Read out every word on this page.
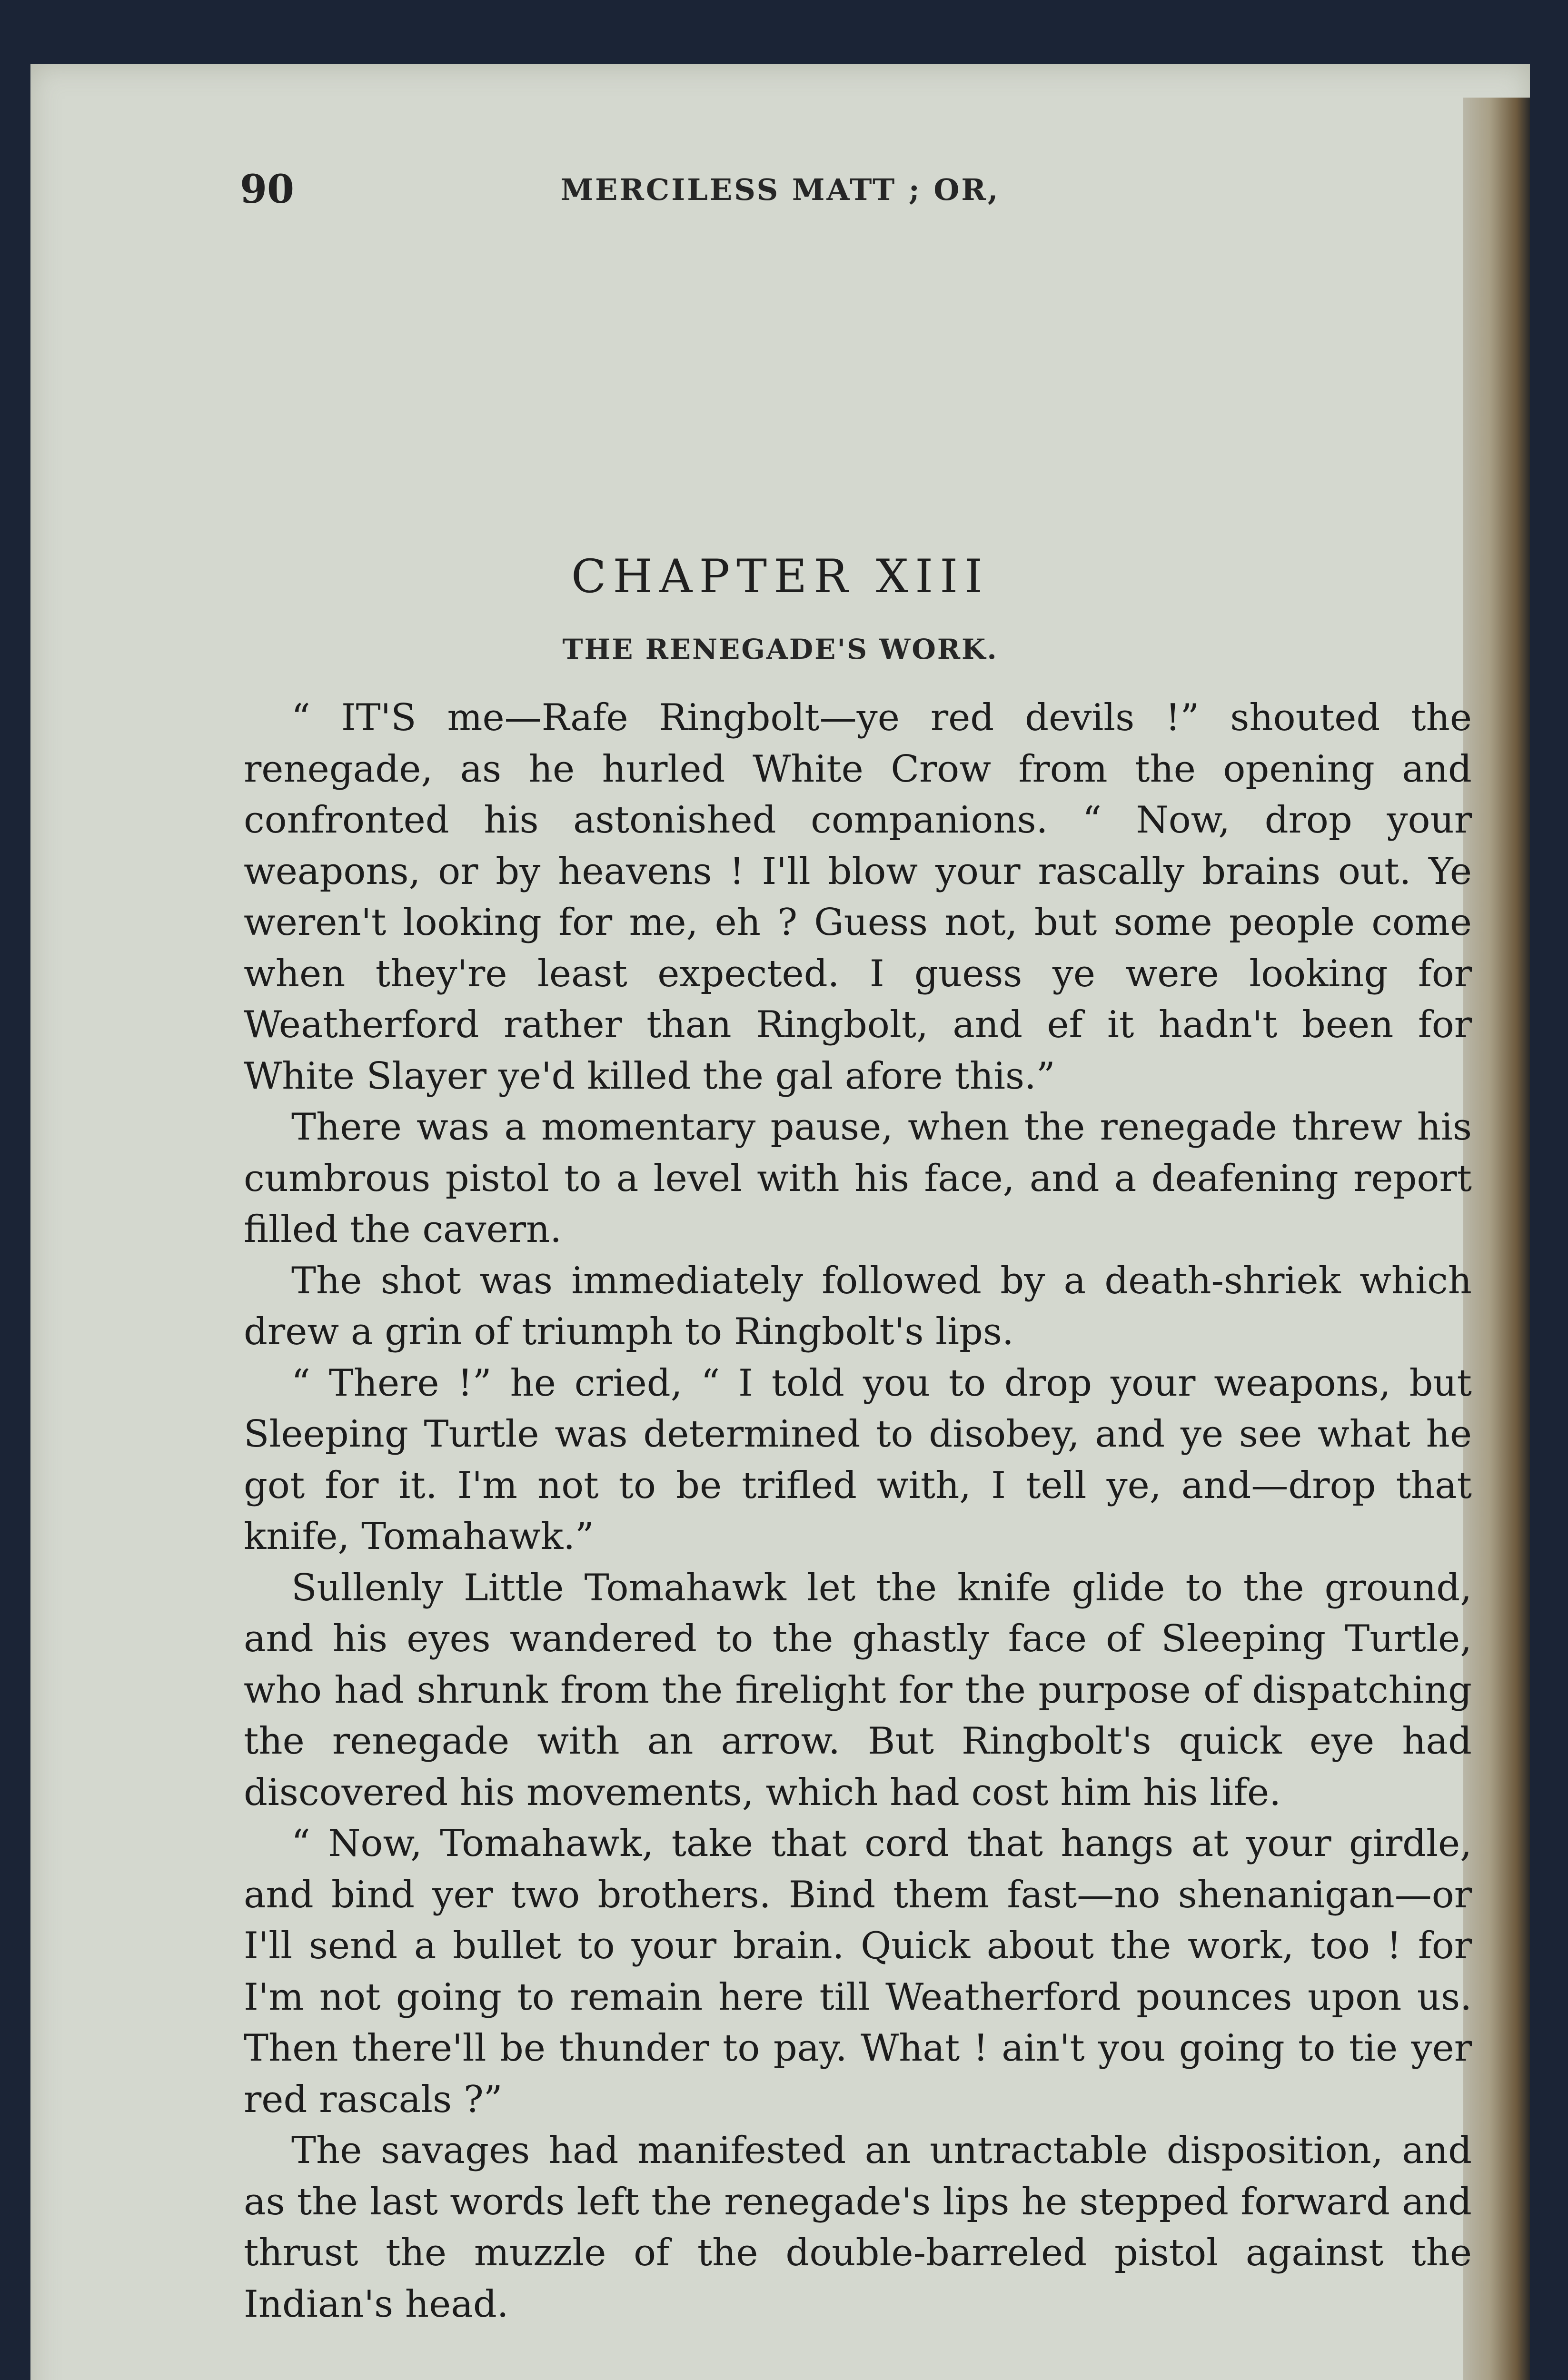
90	MERCILESS MATT ; OR,
CHAPTER XIII
THE RENEGADE'S WORK.

“ IT'S me—Rafe Ringbolt—ye red devils !” shouted the renegade, as he hurled White Crow from the opening and confronted his astonished companions. “ Now, drop your weapons, or by heavens ! I'll blow your rascally brains out. Ye weren't looking for me, eh ? Guess not, but some people come when they're least expected. I guess ye were looking for Weatherford rather than Ringbolt, and ef it hadn't been for White Slayer ye'd killed the gal afore this.”

There was a momentary pause, when the renegade threw his cumbrous pistol to a level with his face, and a deafening report filled the cavern.

The shot was immediately followed by a death-shriek which drew a grin of triumph to Ringbolt's lips.

“ There !” he cried, “ I told you to drop your weapons, but Sleeping Turtle was determined to disobey, and ye see what he got for it. I'm not to be trifled with, I tell ye, and—drop that knife, Tomahawk.”

Sullenly Little Tomahawk let the knife glide to the ground, and his eyes wandered to the ghastly face of Sleeping Turtle, who had shrunk from the firelight for the purpose of dispatching the renegade with an arrow. But Ringbolt's quick eye had discovered his movements, which had cost him his life.

“ Now, Tomahawk, take that cord that hangs at your girdle, and bind yer two brothers. Bind them fast—no shenanigan—or I'll send a bullet to your brain. Quick about the work, too ! for I'm not going to remain here till Weatherford pounces upon us. Then there'll be thunder to pay. What ! ain't you going to tie yer red rascals ?”

The savages had manifested an untractable disposition, and as the last words left the renegade's lips he stepped forward and thrust the muzzle of the double-barreled pistol against the Indian's head.
